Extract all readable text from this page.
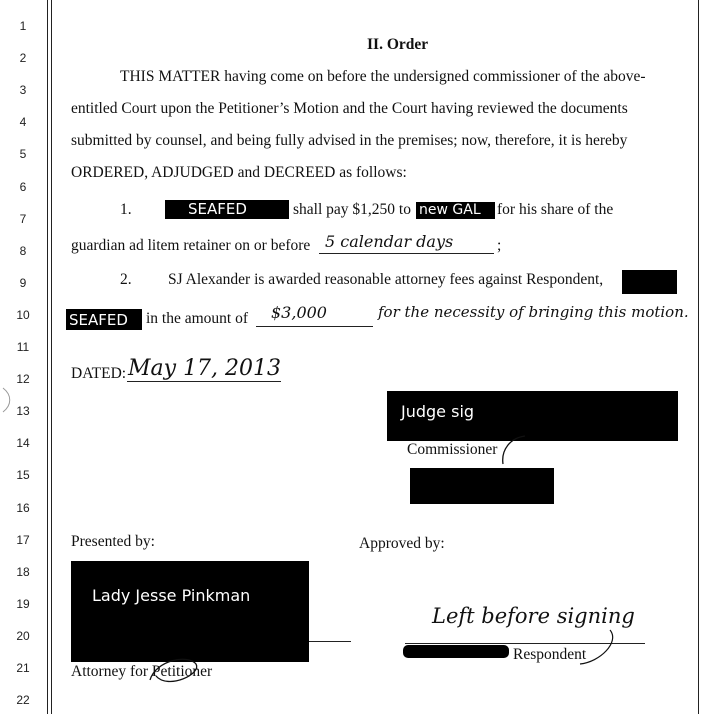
1
2
3
4
5
6
7
8
9
10
11
12
13
14
15
16
17
18
19
20
21
22
II. Order
THIS MATTER having come on before the undersigned commissioner of the above-
entitled Court upon the Petitioner’s Motion and the Court having reviewed the documents
submitted by counsel, and being fully advised in the premises; now, therefore, it is hereby
ORDERED, ADJUDGED and DECREED as follows:
1.	SEAFED	shall pay $1,250 to new GAL for his share of the
guardian ad litem retainer on or before 5 calendar days	;
2. SJ Alexander is awarded reasonable attorney fees against Respondent,
SEAFED in the amount of $3,000	for the necessity of bringing this motion.
DATED: May 17, 2013
Judge sig
Commissioner
Presented by:	Approved by:
Lady Jesse Pinkman
Attorney for Petitioner
Left before signing
Respondent
